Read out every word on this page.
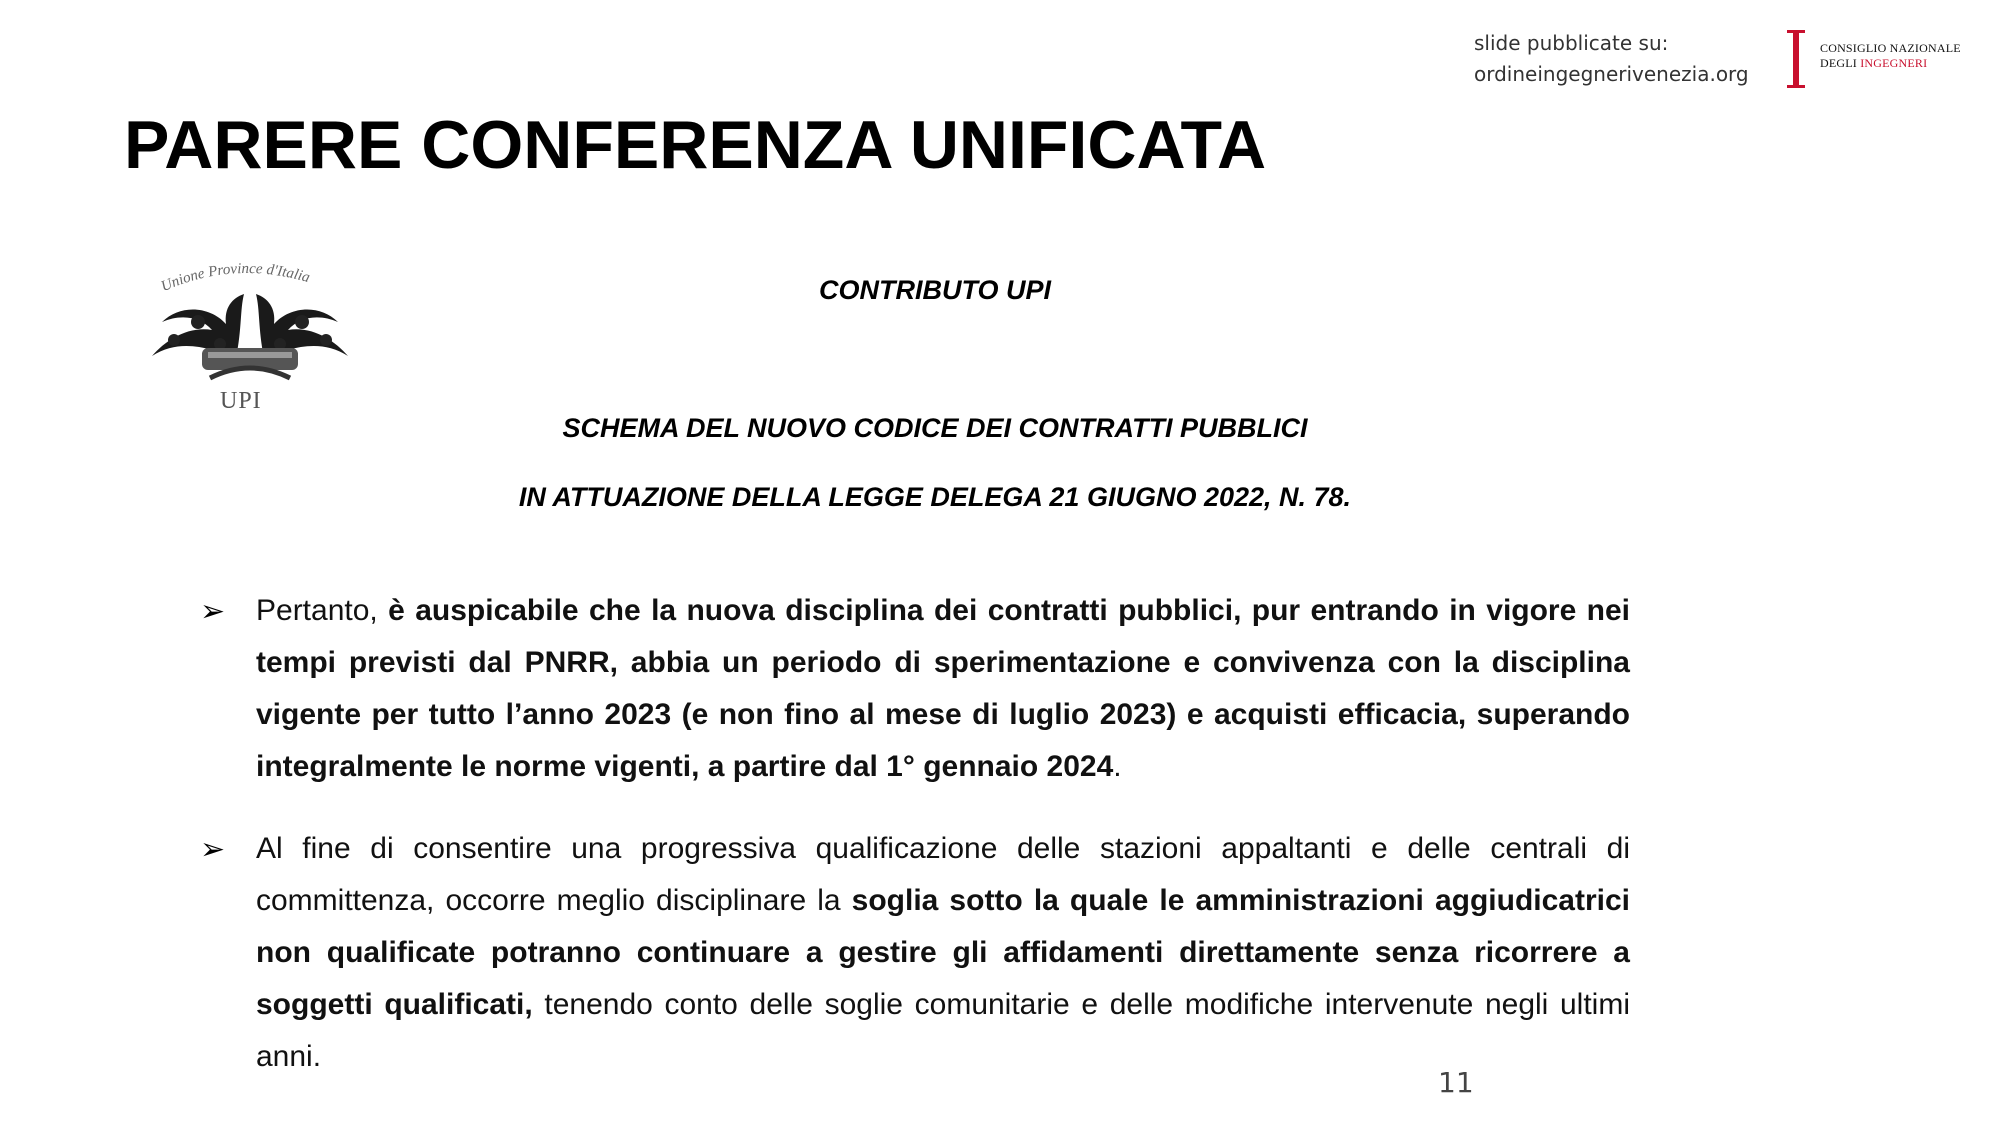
PARERE CONFERENZA UNIFICATA
slide pubblicate su:
ordineingegnerivenezia.org
CONSIGLIO NAZIONALE
DEGLI INGEGNERI
Unione Province d'Italia
UPI
CONTRIBUTO UPI
SCHEMA DEL NUOVO CODICE DEI CONTRATTI PUBBLICI
IN ATTUAZIONE DELLA LEGGE DELEGA 21 GIUGNO 2022, N. 78.
➢ Pertanto, è auspicabile che la nuova disciplina dei contratti pubblici, pur entrando in vigore nei tempi previsti dal PNRR, abbia un periodo di sperimentazione e convivenza con la disciplina vigente per tutto l’anno 2023 (e non fino al mese di luglio 2023) e acquisti efficacia, superando integralmente le norme vigenti, a partire dal 1° gennaio 2024.

➢ Al fine di consentire una progressiva qualificazione delle stazioni appaltanti e delle centrali di committenza, occorre meglio disciplinare la soglia sotto la quale le amministrazioni aggiudicatrici non qualificate potranno continuare a gestire gli affidamenti direttamente senza ricorrere a soggetti qualificati, tenendo conto delle soglie comunitarie e delle modifiche intervenute negli ultimi anni.

11
